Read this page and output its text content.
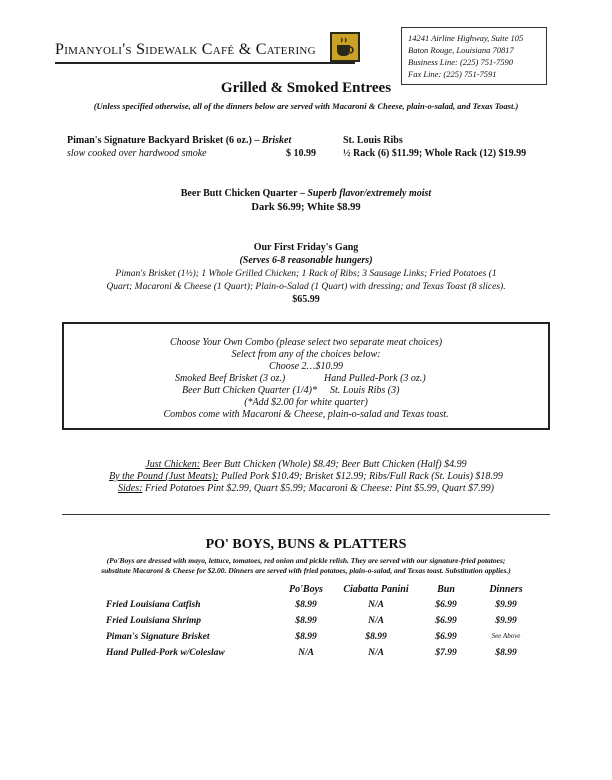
Pimanyoli's Sidewalk Café & Catering
14241 Airline Highway, Suite 105
Baton Rouge, Louisiana 70817
Business Line: (225) 751-7590
Fax Line: (225) 751-7591
Grilled & Smoked Entrees
(Unless specified otherwise, all of the dinners below are served with Macaroni & Cheese, plain-o-salad, and Texas Toast.)
Piman's Signature Backyard Brisket (6 oz.) – Brisket
slow cooked over hardwood smoke	$ 10.99
St. Louis Ribs
½ Rack (6) $11.99; Whole Rack (12) $19.99
Beer Butt Chicken Quarter – Superb flavor/extremely moist
Dark $6.99; White $8.99
Our First Friday's Gang
(Serves 6-8 reasonable hungers)
Piman's Brisket (1½); 1 Whole Grilled Chicken; 1 Rack of Ribs; 3 Sausage Links; Fried Potatoes (1
Quart; Macaroni & Cheese (1 Quart); Plain-o-Salad (1 Quart) with dressing; and Texas Toast (8 slices).
$65.99
Choose Your Own Combo (please select two separate meat choices)
Select from any of the choices below:
Choose 2…$10.99
Smoked Beef Brisket (3 oz.)	Hand Pulled-Pork (3 oz.)
Beer Butt Chicken Quarter (1/4)* St. Louis Ribs (3)
(*Add $2.00 for white quarter)
Combos come with Macaroni & Cheese, plain-o-salad and Texas toast.
Just Chicken: Beer Butt Chicken (Whole) $8.49; Beer Butt Chicken (Half) $4.99
By the Pound (Just Meats): Pulled Pork $10.49; Brisket $12.99; Ribs/Full Rack (St. Louis) $18.99
Sides: Fried Potatoes Pint $2.99, Quart $5.99; Macaroni & Cheese: Pint $5.99, Quart $7.99)
PO' BOYS, BUNS & PLATTERS
(Po'Boys are dressed with mayo, lettuce, tomatoes, red onion and pickle relish. They are served with our signature-fried potatoes;
substitute Macaroni & Cheese for $2.00. Dinners are served with fried potatoes, plain-o-salad, and Texas toast. Substitution applies.)
	Po'Boys	Ciabatta Panini	Bun	Dinners
Fried Louisiana Catfish	$8.99	N/A	$6.99	$9.99
Fried Louisiana Shrimp	$8.99	N/A	$6.99	$9.99
Piman's Signature Brisket	$8.99	$8.99	$6.99	See Above
Hand Pulled-Pork w/Coleslaw	N/A	N/A	$7.99	$8.99
